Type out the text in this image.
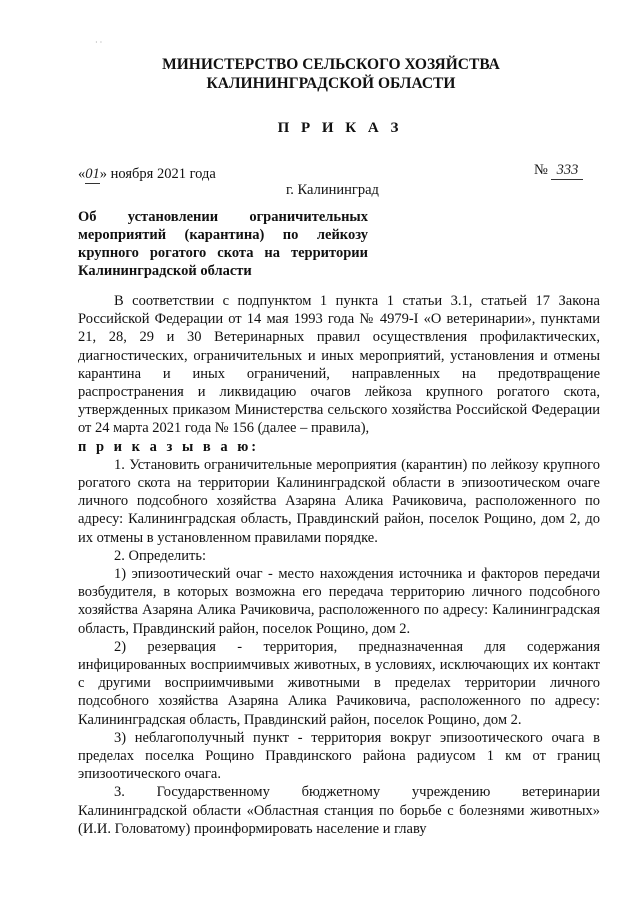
· ·
МИНИСТЕРСТВО СЕЛЬСКОГО ХОЗЯЙСТВА
КАЛИНИНГРАДСКОЙ ОБЛАСТИ
П Р И К А З
«01» ноября 2021 года	№ 333
г. Калининград
Об установлении ограничительных мероприятий (карантина) по лейкозу крупного рогатого скота на территории Калининградской области

В соответствии с подпунктом 1 пункта 1 статьи 3.1, статьей 17 Закона Российской Федерации от 14 мая 1993 года № 4979-I «О ветеринарии», пунктами 21, 28, 29 и 30 Ветеринарных правил осуществления профилактических, диагностических, ограничительных и иных мероприятий, установления и отмены карантина и иных ограничений, направленных на предотвращение распространения и ликвидацию очагов лейкоза крупного рогатого скота, утвержденных приказом Министерства сельского хозяйства Российской Федерации от 24 марта 2021 года № 156 (далее – правила),

п р и к а з ы в а ю:

1. Установить ограничительные мероприятия (карантин) по лейкозу крупного рогатого скота на территории Калининградской области в эпизоотическом очаге личного подсобного хозяйства Азаряна Алика Рачиковича, расположенного по адресу: Калининградская область, Правдинский район, поселок Рощино, дом 2, до их отмены в установленном правилами порядке.

2. Определить:

1) эпизоотический очаг - место нахождения источника и факторов передачи возбудителя, в которых возможна его передача территорию личного подсобного хозяйства Азаряна Алика Рачиковича, расположенного по адресу: Калининградская область, Правдинский район, поселок Рощино, дом 2.

2) резервация - территория, предназначенная для содержания инфицированных восприимчивых животных, в условиях, исключающих их контакт с другими восприимчивыми животными в пределах территории личного подсобного хозяйства Азаряна Алика Рачиковича, расположенного по адресу: Калининградская область, Правдинский район, поселок Рощино, дом 2.

3) неблагополучный пункт - территория вокруг эпизоотического очага в пределах поселка Рощино Правдинского района радиусом 1 км от границ эпизоотического очага.

3. Государственному бюджетному учреждению ветеринарии Калининградской области «Областная станция по борьбе с болезнями животных» (И.И. Головатому) проинформировать население и главу
